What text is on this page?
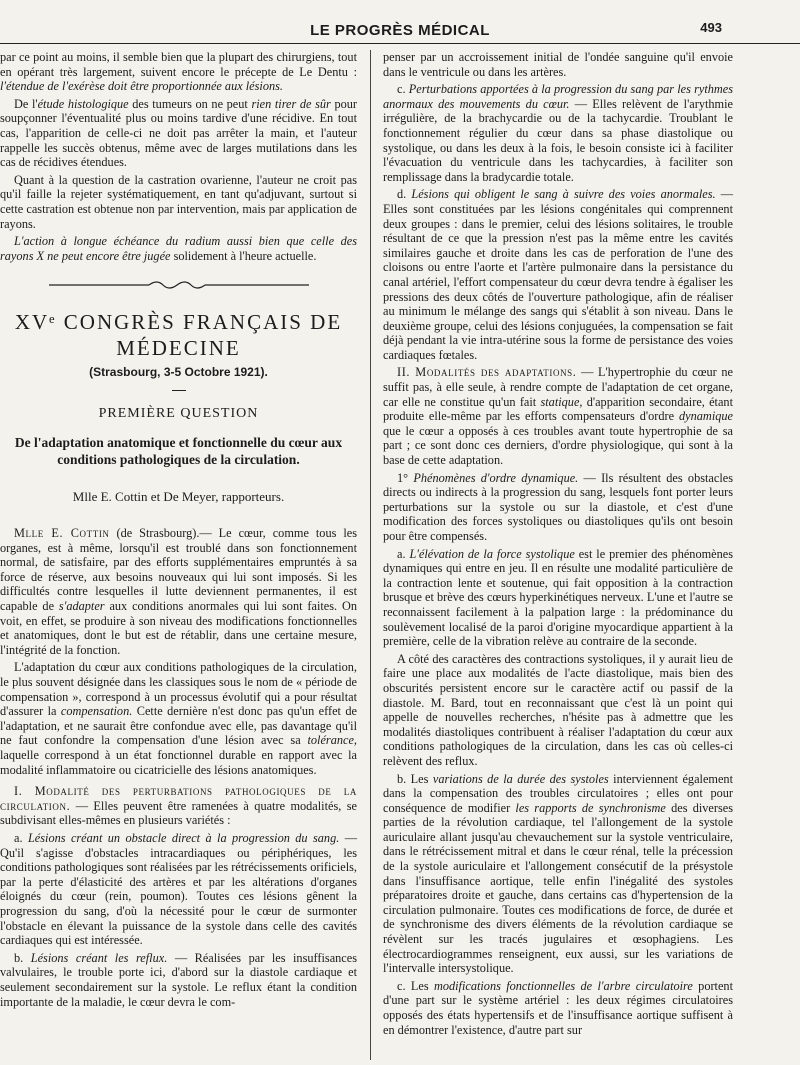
LE PROGRÈS MÉDICAL	493

par ce point au moins, il semble bien que la plupart des chirurgiens, tout en opérant très largement, suivent encore le précepte de Le Dentu : l'étendue de l'exérèse doit être proportionnée aux lésions.

De l'étude histologique des tumeurs on ne peut rien tirer de sûr pour soupçonner l'éventualité plus ou moins tardive d'une récidive. En tout cas, l'apparition de celle-ci ne doit pas arrêter la main, et l'auteur rappelle les succès obtenus, même avec de larges mutilations dans les cas de récidives étendues.

Quant à la question de la castration ovarienne, l'auteur ne croit pas qu'il faille la rejeter systématiquement, en tant qu'adjuvant, surtout si cette castration est obtenue non par intervention, mais par application de rayons.

L'action à longue échéance du radium aussi bien que celle des rayons X ne peut encore être jugée solidement à l'heure actuelle.

XVᵉ CONGRÈS FRANÇAIS DE MÉDECINE
(Strasbourg, 3-5 Octobre 1921).
PREMIÈRE QUESTION
De l'adaptation anatomique et fonctionnelle du cœur aux conditions pathologiques de la circulation.
Mlle E. Cottin et De Meyer, rapporteurs.

Mlle E. Cottin (de Strasbourg).— Le cœur, comme tous les organes, est à même, lorsqu'il est troublé dans son fonctionnement normal, de satisfaire, par des efforts supplémentaires empruntés à sa force de réserve, aux besoins nouveaux qui lui sont imposés. Si les difficultés contre lesquelles il lutte deviennent permanentes, il est capable de s'adapter aux conditions anormales qui lui sont faites. On voit, en effet, se produire à son niveau des modifications fonctionnelles et anatomiques, dont le but est de rétablir, dans une certaine mesure, l'intégrité de la fonction.

L'adaptation du cœur aux conditions pathologiques de la circulation, le plus souvent désignée dans les classiques sous le nom de « période de compensation », correspond à un processus évolutif qui a pour résultat d'assurer la compensation. Cette dernière n'est donc pas qu'un effet de l'adaptation, et ne saurait être confondue avec elle, pas davantage qu'il ne faut confondre la compensation d'une lésion avec sa tolérance, laquelle correspond à un état fonctionnel durable en rapport avec la modalité inflammatoire ou cicatricielle des lésions anatomiques.

I. Modalité des perturbations pathologiques de la circulation. — Elles peuvent être ramenées à quatre modalités, se subdivisant elles-mêmes en plusieurs variétés :

a. Lésions créant un obstacle direct à la progression du sang. — Qu'il s'agisse d'obstacles intracardiaques ou périphériques, les conditions pathologiques sont réalisées par les rétrécissements orificiels, par la perte d'élasticité des artères et par les altérations d'organes éloignés du cœur (rein, poumon). Toutes ces lésions gênent la progression du sang, d'où la nécessité pour le cœur de surmonter l'obstacle en élevant la puissance de la systole dans celle des cavités cardiaques qui est intéressée.

b. Lésions créant les reflux. — Réalisées par les insuffisances valvulaires, le trouble porte ici, d'abord sur la diastole cardiaque et seulement secondairement sur la systole. Le reflux étant la condition importante de la maladie, le cœur devra le com-

penser par un accroissement initial de l'ondée sanguine qu'il envoie dans le ventricule ou dans les artères.

c. Perturbations apportées à la progression du sang par les rythmes anormaux des mouvements du cœur. — Elles relèvent de l'arythmie irrégulière, de la brachycardie ou de la tachycardie. Troublant le fonctionnement régulier du cœur dans sa phase diastolique ou systolique, ou dans les deux à la fois, le besoin consiste ici à faciliter l'évacuation du ventricule dans les tachycardies, à faciliter son remplissage dans la bradycardie totale.

d. Lésions qui obligent le sang à suivre des voies anormales. — Elles sont constituées par les lésions congénitales qui comprennent deux groupes : dans le premier, celui des lésions solitaires, le trouble résultant de ce que la pression n'est pas la même entre les cavités similaires gauche et droite dans les cas de perforation de l'une des cloisons ou entre l'aorte et l'artère pulmonaire dans la persistance du canal artériel, l'effort compensateur du cœur devra tendre à égaliser les pressions des deux côtés de l'ouverture pathologique, afin de réaliser au minimum le mélange des sangs qui s'établit à son niveau. Dans le deuxième groupe, celui des lésions conjuguées, la compensation se fait déjà pendant la vie intra-utérine sous la forme de persistance des voies cardiaques fœtales.

II. Modalités des adaptations. — L'hypertrophie du cœur ne suffit pas, à elle seule, à rendre compte de l'adaptation de cet organe, car elle ne constitue qu'un fait statique, d'apparition secondaire, étant produite elle-même par les efforts compensateurs d'ordre dynamique que le cœur a opposés à ces troubles avant toute hypertrophie de sa part ; ce sont donc ces derniers, d'ordre physiologique, qui sont à la base de cette adaptation.

1° Phénomènes d'ordre dynamique. — Ils résultent des obstacles directs ou indirects à la progression du sang, lesquels font porter leurs perturbations sur la systole ou sur la diastole, et c'est d'une modification des forces systoliques ou diastoliques qu'ils ont besoin pour être compensés.

a. L'élévation de la force systolique est le premier des phénomènes dynamiques qui entre en jeu. Il en résulte une modalité particulière de la contraction lente et soutenue, qui fait opposition à la contraction brusque et brève des cœurs hyperkinétiques nerveux. L'une et l'autre se reconnaissent facilement à la palpation large : la prédominance du soulèvement localisé de la paroi d'origine myocardique appartient à la première, celle de la vibration relève au contraire de la seconde.

A côté des caractères des contractions systoliques, il y aurait lieu de faire une place aux modalités de l'acte diastolique, mais bien des obscurités persistent encore sur le caractère actif ou passif de la diastole. M. Bard, tout en reconnaissant que c'est là un point qui appelle de nouvelles recherches, n'hésite pas à admettre que les modalités diastoliques contribuent à réaliser l'adaptation du cœur aux conditions pathologiques de la circulation, dans les cas où celles-ci relèvent des reflux.

b. Les variations de la durée des systoles interviennent également dans la compensation des troubles circulatoires ; elles ont pour conséquence de modifier les rapports de synchronisme des diverses parties de la révolution cardiaque, tel l'allongement de la systole auriculaire allant jusqu'au chevauchement sur la systole ventriculaire, dans le rétrécissement mitral et dans le cœur rénal, telle la précession de la systole auriculaire et l'allongement consécutif de la présystole dans l'insuffisance aortique, telle enfin l'inégalité des systoles préparatoires droite et gauche, dans certains cas d'hypertension de la circulation pulmonaire. Toutes ces modifications de force, de durée et de synchronisme des divers éléments de la révolution cardiaque se révèlent sur les tracés jugulaires et œsophagiens. Les électrocardiogrammes renseignent, eux aussi, sur les variations de l'intervalle intersystolique.

c. Les modifications fonctionnelles de l'arbre circulatoire portent d'une part sur le système artériel : les deux régimes circulatoires opposés des états hypertensifs et de l'insuffisance aortique suffisent à en démontrer l'existence, d'autre part sur
